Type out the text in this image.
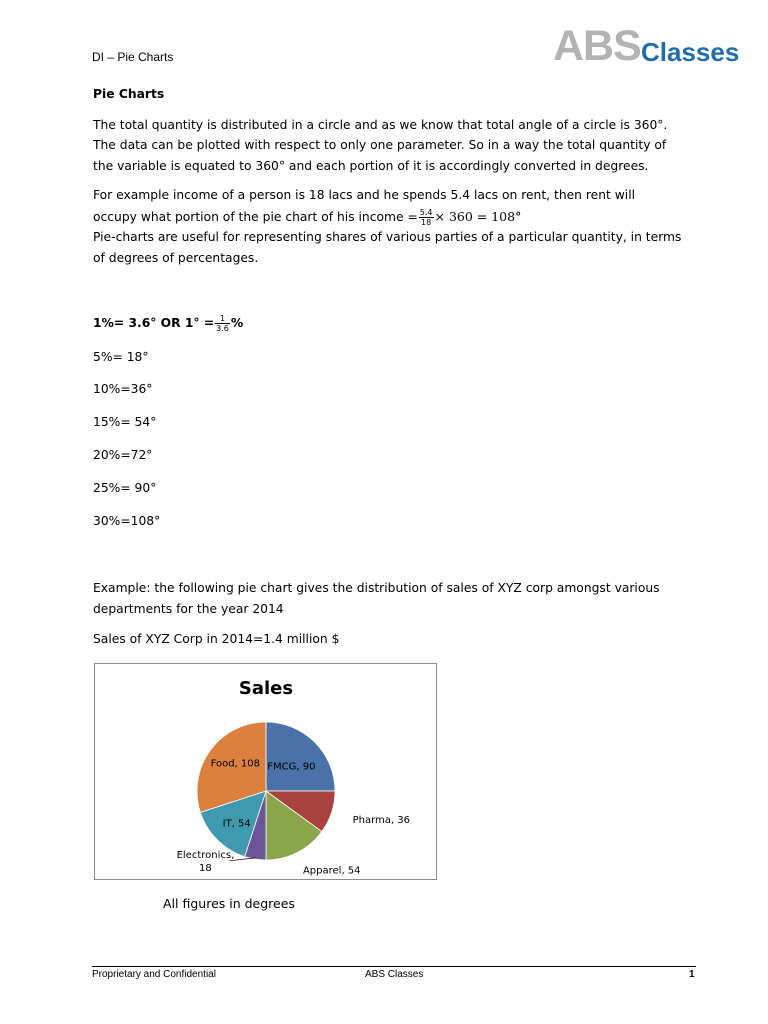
DI – Pie Charts	ABS Classes

Pie Charts

The total quantity is distributed in a circle and as we know that total angle of a circle is 360°. The data can be plotted with respect to only one parameter. So in a way the total quantity of the variable is equated to 360° and each portion of it is accordingly converted in degrees.

For example income of a person is 18 lacs and he spends 5.4 lacs on rent, then rent will

occupy what portion of the pie chart of his income = $\frac{5.4}{18} \times 360 = 108^\circ$

Pie-charts are useful for representing shares of various parties of a particular quantity, in terms of degrees of percentages.

1%= 3.6° OR $1^\circ = \frac{1}{3.6}$ %
5%= 18°
10%=36°
15%= 54°
20%=72°
25%= 90°
30%=108°
Example: the following pie chart gives the distribution of sales of XYZ corp amongst various departments for the year 2014
Sales of XYZ Corp in 2014=1.4 million $
Sales
FMCG, 90
Pharma, 36
Apparel, 54
Electronics, 18
IT, 54
Food, 108
All figures in degrees
Proprietary and Confidential	ABS Classes	1
